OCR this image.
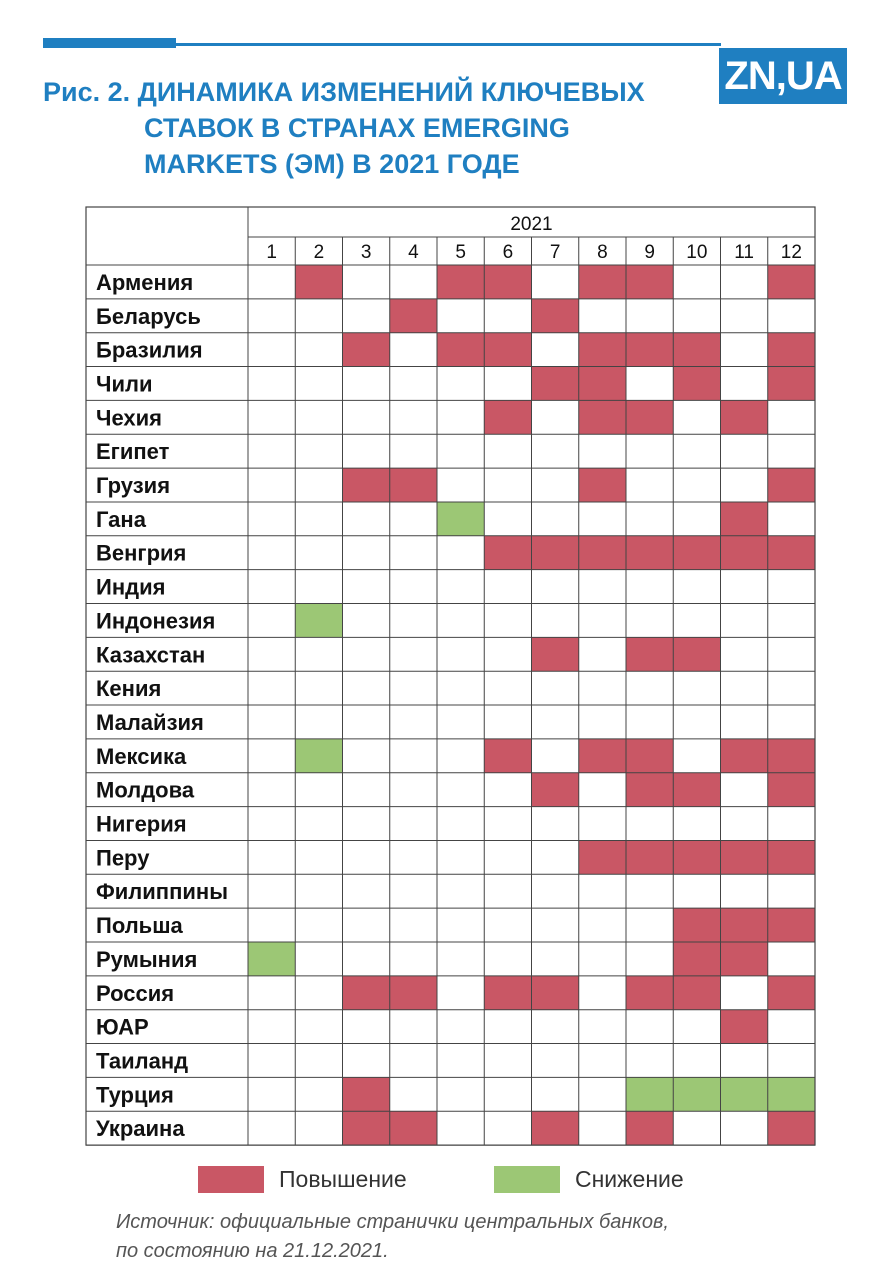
ZN,UA
Рис. 2. ДИНАМИКА ИЗМЕНЕНИЙ КЛЮЧЕВЫХ
СТАВОК В СТРАНАХ EMERGING
MARKETS (ЭМ) В 2021 ГОДЕ
2021
1 2 3 4 5 6 7 8 9 10 11 12
Армения
Беларусь
Бразилия
Чили
Чехия
Египет
Грузия
Гана
Венгрия
Индия
Индонезия
Казахстан
Кения
Малайзия
Мексика
Молдова
Нигерия
Перу
Филиппины
Польша
Румыния
Россия
ЮАР
Таиланд
Турция
Украина
Повышение	Снижение

Источник: официальные странички центральных банков,
по состоянию на 21.12.2021.
